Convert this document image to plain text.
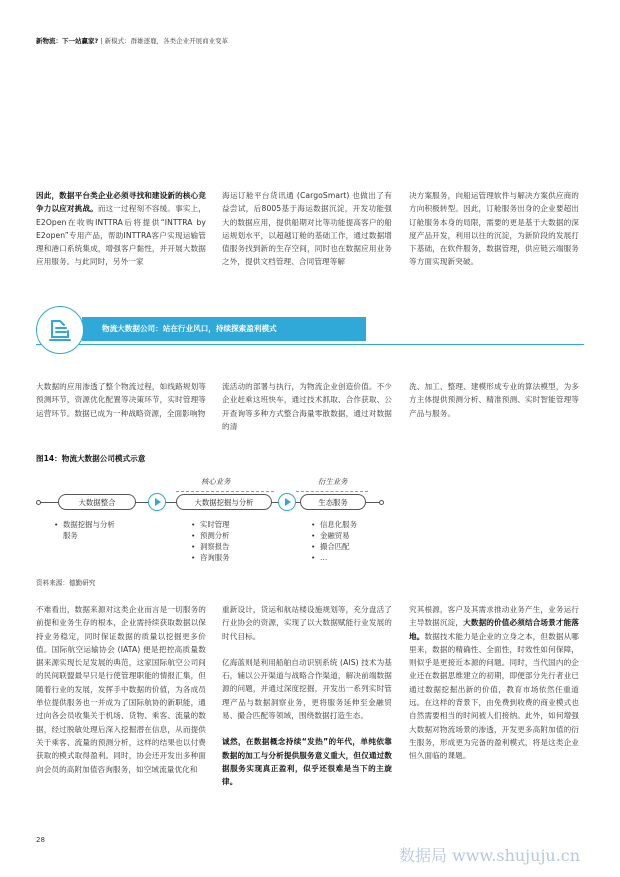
新物流：下一站赢家? | 新模式：群雄逐鹿，各类企业开展商业变革

因此，数据平台类企业必须寻找和建设新的核心竞争力以应对挑战。而这一过程刻不容缓。事实上，E2Open在收购INTTRA后将提供“INTTRA by E2open”专用产品，帮助INTTRA客户实现运输管理和港口系统集成，增强客户黏性，并开展大数据应用服务。与此同时，另外一家

海运订舱平台货讯通 (CargoSmart) 也做出了有益尝试，后8005基于海运数据沉淀，开发功能强大的数据应用，提供船期对比等功能提高客户的船运规划水平，以超越订舱的基础工作，通过数据增值服务找到新的生存空间，同时也在数据应用业务之外，提供文档管理、合同管理等解

决方案服务，向船运管理软件与解决方案供应商的方向积极转型。因此，订舱服务出身的企业要超出订舱服务本身的局限，需要的更是基于大数据的深度产品开发，利用以往的沉淀，为新阶段的发展打下基础，在软件服务，数据管理，供应链云端服务等方面实现新突破。

物流大数据公司：站在行业风口，持续探索盈利模式

大数据的应用渗透了整个物流过程，如线路规划等预测环节，资源优化配置等决策环节，实时管理等运营环节。数据已成为一种战略资源，全面影响物

流活动的部署与执行，为物流企业创造价值。不少企业赶乘这班快车，通过技术抓取、合作获取、公开查询等多种方式整合海量零散数据，通过对数据的清

洗、加工、整理、建模形成专业的算法模型，为多方主体提供预测分析、精准预测、实时智能管理等产品与服务。

图14：物流大数据公司模式示意
核心业务	衍生业务
大数据整合	大数据挖掘与分析	生态服务
• 数据挖掘与分析
服务
• 实时管理
• 预测分析
• 洞察报告
• 咨询服务
• 信息化服务
• 金融贸易
• 撮合匹配
• …
资料来源：德勤研究

不难看出，数据来源对这类企业而言是一切服务的前提和业务生存的根本，企业需持续获取数据以保持业务稳定，同时保证数据的质量以挖掘更多价值。国际航空运输协会 (IATA) 便是把控高质量数据来源实现长足发展的典范，这家国际航空公司间的民间联盟最早只是行使管理职能的情报汇集，但随着行业的发展，发挥手中数据的价值，为各成员单位提供服务也一并成为了国际航协的新职能，通过向各会员收集关于机场、货物、乘客、流量的数据，经过脱敏处理后深入挖掘潜在信息，从而提供关于乘客、流量的预测分析，这样的结果也以付费获取的模式取得盈利。同时，协会还开发出多种面向会员的高附加值咨询服务，如空域流量优化和

重新设计，货运和航站楼设施规划等，充分盘活了行业协会的资源，实现了以大数据赋能行业发展的时代目标。

亿海蓝则是利用船舶自动识别系统 (AIS) 技术为基石，辅以公开渠道与战略合作渠道，解决前端数据源的问题，并通过深度挖掘，开发出一系列实时管理产品与数据洞察业务，更将服务延伸至金融贸易、撮合匹配等领域，围绕数据打造生态。

诚然，在数据概念持续“发热”的年代，单纯依靠数据的加工与分析提供服务意义重大，但仅通过数据服务实现真正盈利，似乎还很难是当下的主旋律。

究其根源，客户及其需求推动业务产生，业务运行主导数据沉淀，大数据的价值必须结合场景才能落地。数据技术能力是企业的立身之本，但数据从哪里来，数据的精确性、全面性，时效性如何保障，则似乎是更接近本源的问题。同时，当代国内的企业还在数据思维建立的初期，即便部分先行者业已通过数据挖掘出新的价值，教育市场依然任重道远。在这样的背景下，由免费到收费的商业模式也自然需要相当的时间被人们接纳。此外，如何增强大数据对物流场景的渗透，开发更多高附加值的衍生服务，形成更为完备的盈利模式，将是这类企业恒久面临的课题。

28
数据局 www.shujuju.cn
